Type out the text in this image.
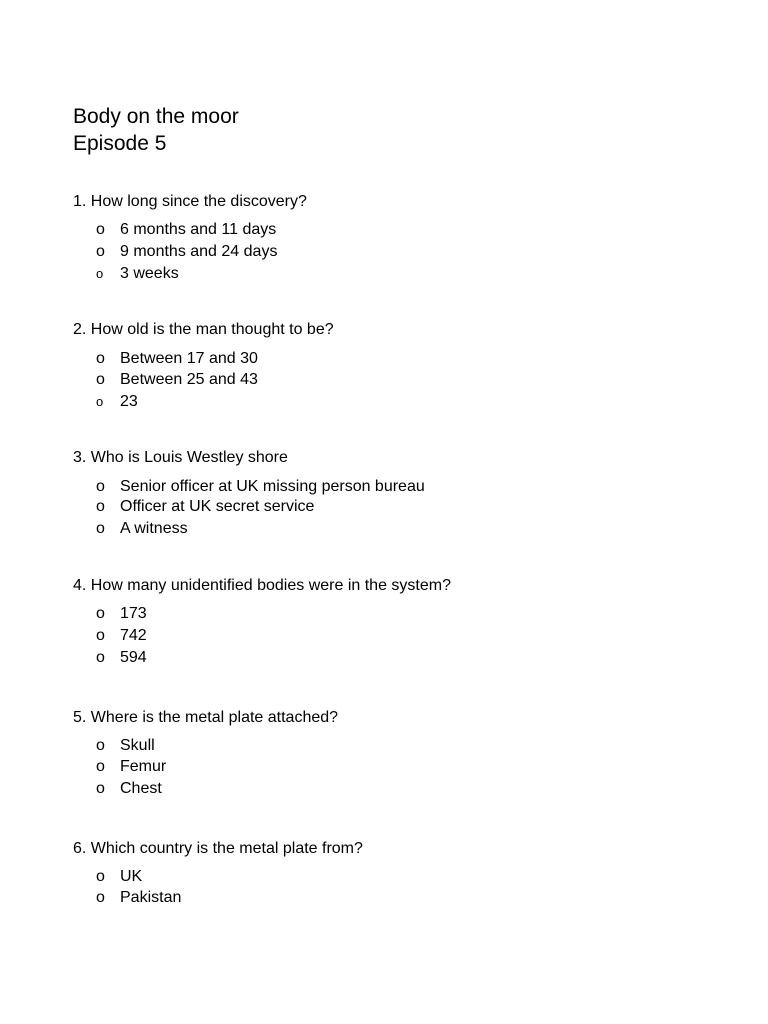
Body on the moor
Episode 5
1. How long since the discovery?
o 6 months and 11 days
o 9 months and 24 days
o 3 weeks
2. How old is the man thought to be?
o Between 17 and 30
o Between 25 and 43
o 23
3. Who is Louis Westley shore
o Senior officer at UK missing person bureau
o Officer at UK secret service
o A witness
4. How many unidentified bodies were in the system?
o 173
o 742
o 594
5. Where is the metal plate attached?
o Skull
o Femur
o Chest
6. Which country is the metal plate from?
o UK
o Pakistan
